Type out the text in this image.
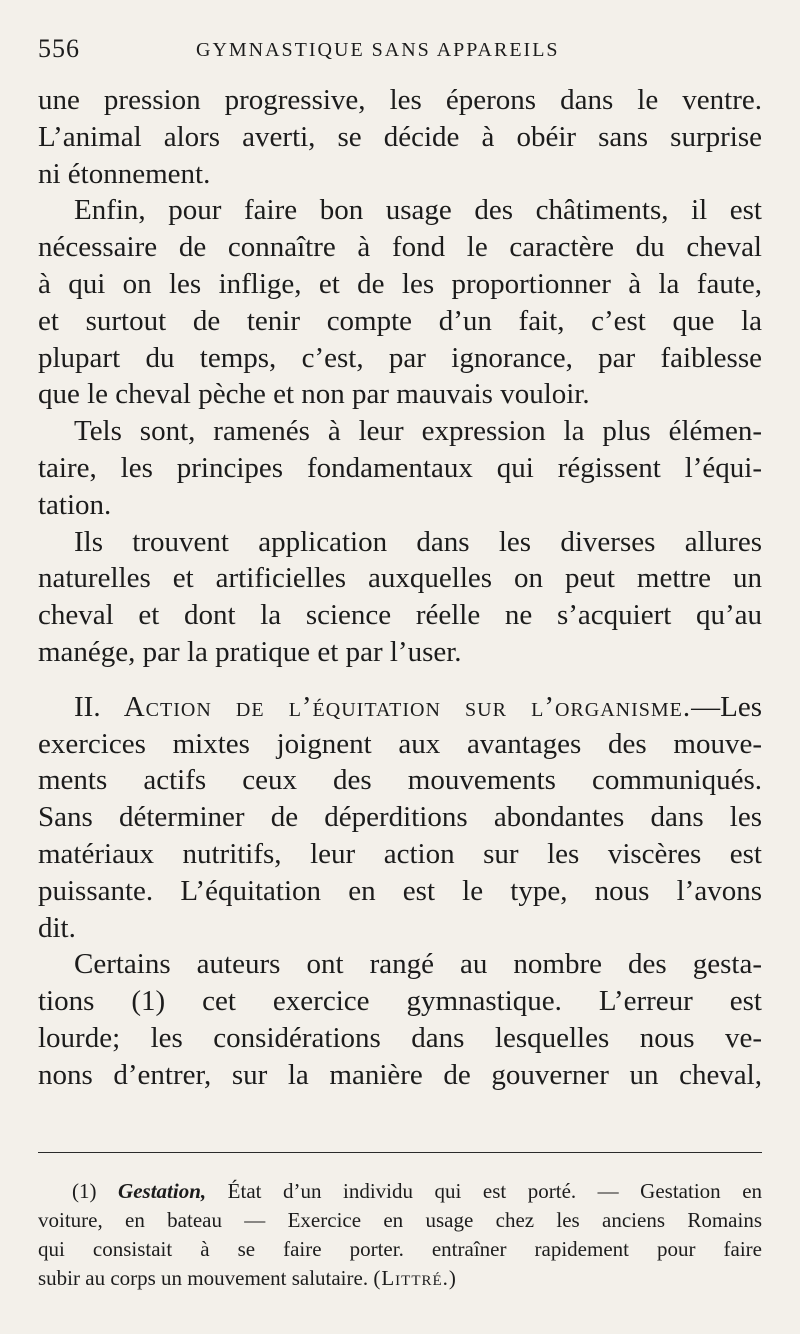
556	GYMNASTIQUE SANS APPAREILS
une pression progressive, les éperons dans le ventre.
L’animal alors averti, se décide à obéir sans surprise
ni étonnement.
Enfin, pour faire bon usage des châtiments, il est
nécessaire de connaître à fond le caractère du cheval
à qui on les inflige, et de les proportionner à la faute,
et surtout de tenir compte d’un fait, c’est que la
plupart du temps, c’est, par ignorance, par faiblesse
que le cheval pèche et non par mauvais vouloir.
Tels sont, ramenés à leur expression la plus élémen-
taire, les principes fondamentaux qui régissent l’équi-
tation.
Ils trouvent application dans les diverses allures
naturelles et artificielles auxquelles on peut mettre un
cheval et dont la science réelle ne s’acquiert qu’au
manége, par la pratique et par l’user.
II. Action de l’équitation sur l’organisme.—Les
exercices mixtes joignent aux avantages des mouve-
ments actifs ceux des mouvements communiqués.
Sans déterminer de déperditions abondantes dans les
matériaux nutritifs, leur action sur les viscères est
puissante. L’équitation en est le type, nous l’avons
dit.
Certains auteurs ont rangé au nombre des gesta-
tions (1) cet exercice gymnastique. L’erreur est
lourde; les considérations dans lesquelles nous ve-
nons d’entrer, sur la manière de gouverner un cheval,
(1) Gestation, État d’un individu qui est porté. — Gestation en
voiture, en bateau — Exercice en usage chez les anciens Romains
qui consistait à se faire porter. entraîner rapidement pour faire
subir au corps un mouvement salutaire. (Littré.)
